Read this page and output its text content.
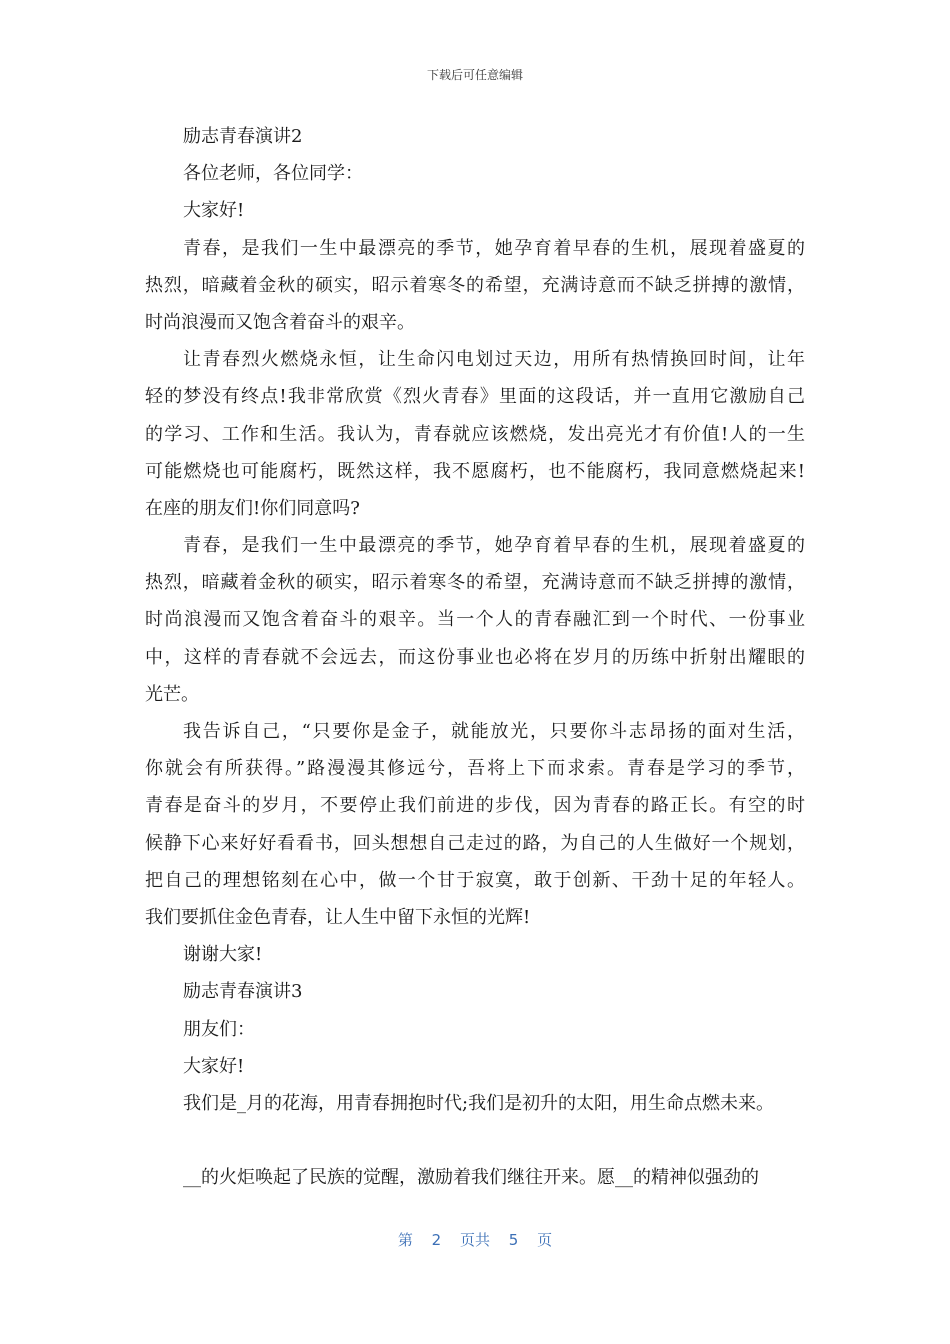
下载后可任意编辑
励志青春演讲2
各位老师，各位同学：
大家好!
青春，是我们一生中最漂亮的季节，她孕育着早春的生机，展现着盛夏的
热烈，暗藏着金秋的硕实，昭示着寒冬的希望，充满诗意而不缺乏拼搏的激情，
时尚浪漫而又饱含着奋斗的艰辛。
让青春烈火燃烧永恒，让生命闪电划过天边，用所有热情换回时间，让年
轻的梦没有终点!我非常欣赏《烈火青春》里面的这段话，并一直用它激励自己
的学习、工作和生活。我认为，青春就应该燃烧，发出亮光才有价值!人的一生
可能燃烧也可能腐朽，既然这样，我不愿腐朽，也不能腐朽，我同意燃烧起来!
在座的朋友们!你们同意吗?
青春，是我们一生中最漂亮的季节，她孕育着早春的生机，展现着盛夏的
热烈，暗藏着金秋的硕实，昭示着寒冬的希望，充满诗意而不缺乏拼搏的激情，
时尚浪漫而又饱含着奋斗的艰辛。当一个人的青春融汇到一个时代、一份事业
中，这样的青春就不会远去，而这份事业也必将在岁月的历练中折射出耀眼的
光芒。
我告诉自己，“只要你是金子，就能放光，只要你斗志昂扬的面对生活，
你就会有所获得。”路漫漫其修远兮，吾将上下而求索。青春是学习的季节，
青春是奋斗的岁月，不要停止我们前进的步伐，因为青春的路正长。有空的时
候静下心来好好看看书，回头想想自己走过的路，为自己的人生做好一个规划，
把自己的理想铭刻在心中，做一个甘于寂寞，敢于创新、干劲十足的年轻人。
我们要抓住金色青春，让人生中留下永恒的光辉!
谢谢大家!
励志青春演讲3
朋友们：
大家好!
我们是_月的花海，用青春拥抱时代;我们是初升的太阳，用生命点燃未来。
__的火炬唤起了民族的觉醒，激励着我们继往开来。愿__的精神似强劲的
第 2 页共 5 页
